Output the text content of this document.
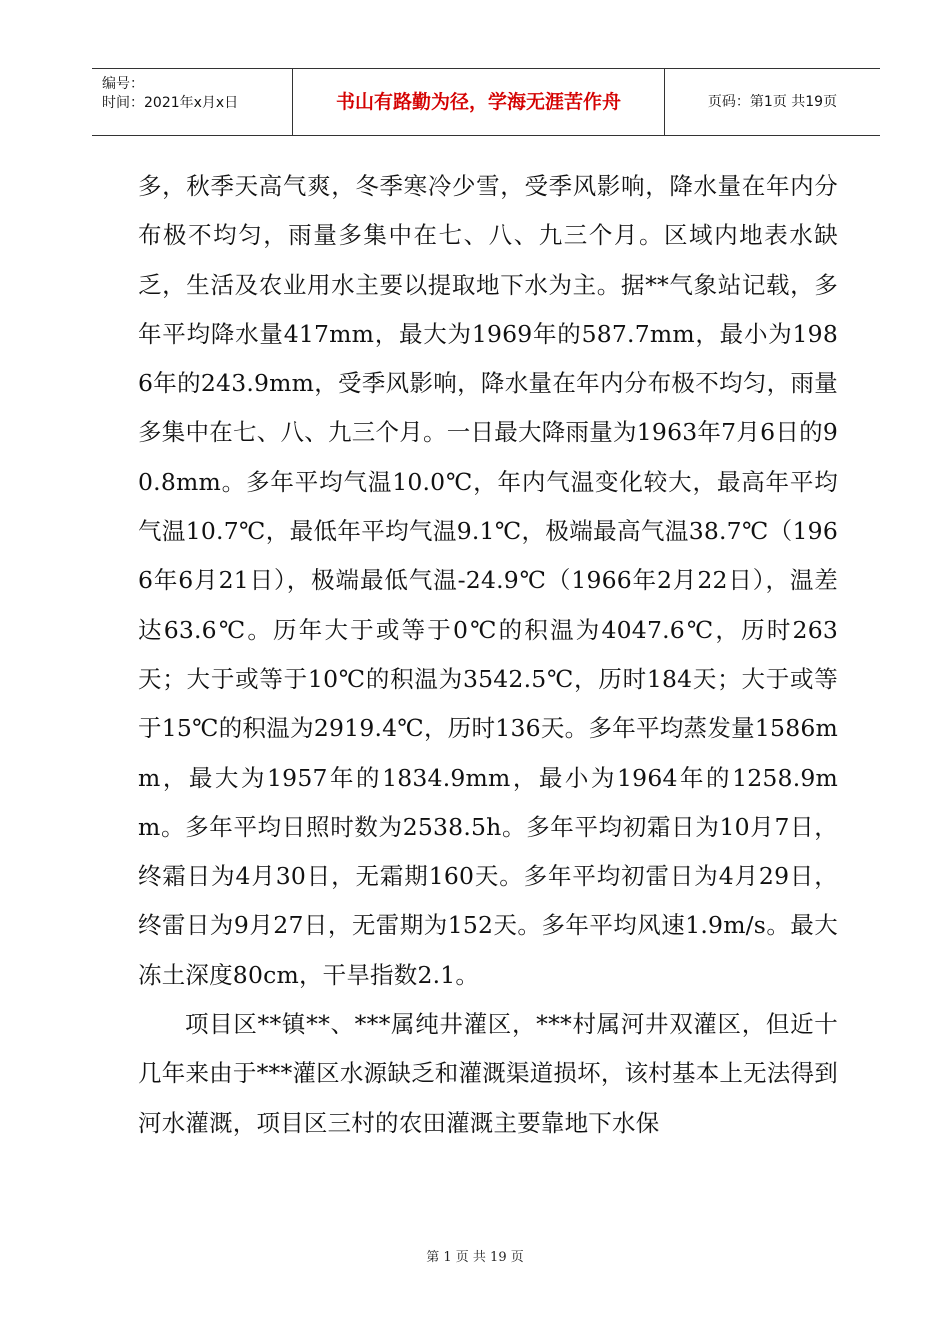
编号：
时间：2021年x月x日	书山有路勤为径，学海无涯苦作舟	页码：第1页 共19页

多，秋季天高气爽，冬季寒冷少雪，受季风影响，降水量在年内分布极不均匀，雨量多集中在七、八、九三个月。区域内地表水缺乏，生活及农业用水主要以提取地下水为主。据**气象站记载，多年平均降水量417mm，最大为1969年的587.7mm，最小为1986年的243.9mm，受季风影响，降水量在年内分布极不均匀，雨量多集中在七、八、九三个月。一日最大降雨量为1963年7月6日的90.8mm。多年平均气温10.0℃，年内气温变化较大，最高年平均气温10.7℃，最低年平均气温9.1℃，极端最高气温38.7℃（1966年6月21日），极端最低气温-24.9℃（1966年2月22日），温差达63.6℃。历年大于或等于0℃的积温为4047.6℃，历时263天；大于或等于10℃的积温为3542.5℃，历时184天；大于或等于15℃的积温为2919.4℃，历时136天。多年平均蒸发量1586mm，最大为1957年的1834.9mm，最小为1964年的1258.9mm。多年平均日照时数为2538.5h。多年平均初霜日为10月7日，终霜日为4月30日，无霜期160天。多年平均初雷日为4月29日，终雷日为9月27日，无雷期为152天。多年平均风速1.9m/s。最大冻土深度80cm，干旱指数2.1。

项目区**镇**、***属纯井灌区，***村属河井双灌区，但近十几年来由于***灌区水源缺乏和灌溉渠道损坏，该村基本上无法得到河水灌溉，项目区三村的农田灌溉主要靠地下水保

第 1 页 共 19 页
